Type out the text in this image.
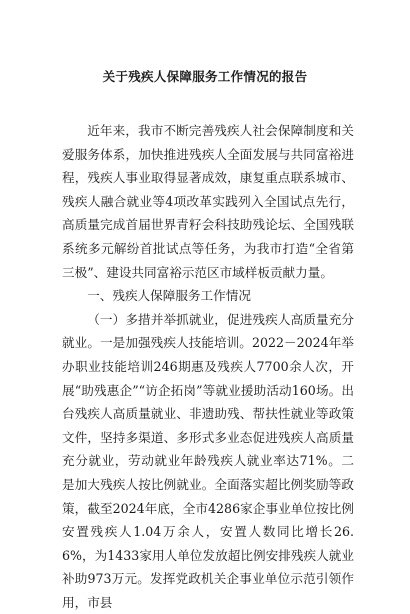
关于残疾人保障服务工作情况的报告

近年来，我市不断完善残疾人社会保障制度和关爱服务体系，加快推进残疾人全面发展与共同富裕进程，残疾人事业取得显著成效，康复重点联系城市、残疾人融合就业等4项改革实践列入全国试点先行，高质量完成首届世界青籽会科技助残论坛、全国残联系统多元解纷首批试点等任务，为我市打造“全省第三极”、建设共同富裕示范区市域样板贡献力量。

一、残疾人保障服务工作情况

（一）多措并举抓就业，促进残疾人高质量充分就业。一是加强残疾人技能培训。2022－2024年举办职业技能培训246期惠及残疾人7700余人次，开展“助残惠企”“访企拓岗”等就业援助活动160场。出台残疾人高质量就业、非遗助残、帮扶性就业等政策文件，坚持多渠道、多形式多业态促进残疾人高质量充分就业，劳动就业年龄残疾人就业率达71%。二是加大残疾人按比例就业。全面落实超比例奖励等政策，截至2024年底，全市4286家企事业单位按比例安置残疾人1.04万余人，安置人数同比增长26.6%，为1433家用人单位发放超比例安排残疾人就业补助973万元。发挥党政机关企事业单位示范引领作用，市县
